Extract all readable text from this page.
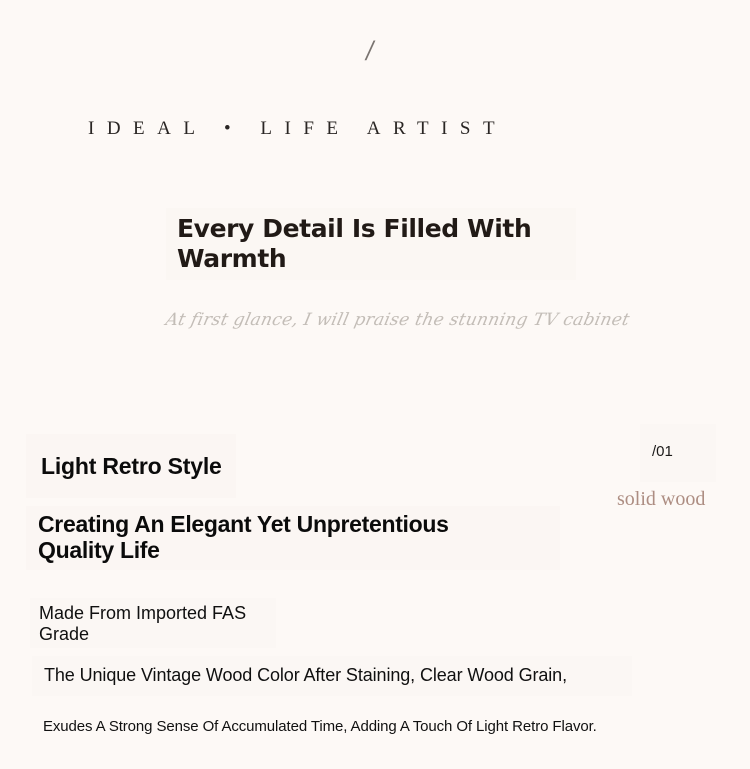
/
IDEAL • LIFE ARTIST
Every Detail Is Filled With Warmth
At first glance, I will praise the stunning TV cabinet
Light Retro Style
/01
solid wood
Creating An Elegant Yet Unpretentious Quality Life
Made From Imported FAS Grade
The Unique Vintage Wood Color After Staining, Clear Wood Grain,
Exudes A Strong Sense Of Accumulated Time, Adding A Touch Of Light Retro Flavor.
